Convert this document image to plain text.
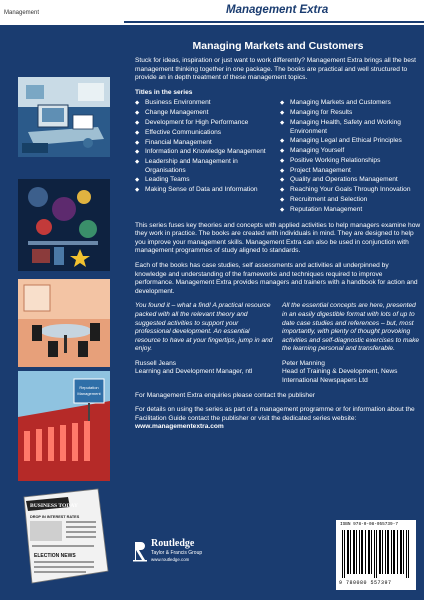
Management	Management Extra
Reputation
Management
BUSINESS TODAY
DROP IN INTEREST RATES
ELECTION NEWS
Managing Markets and Customers

Stuck for ideas, inspiration or just want to work differently? Management Extra brings all the best management thinking together in one package. The books are practical and well structured to provide an in depth treatment of these management topics.

Titles in the series
◆ Business Environment
◆ Change Management
◆ Development for High Performance
◆ Effective Communications
◆ Financial Management
◆ Information and Knowledge Management
◆ Leadership and Management in Organisations
◆ Leading Teams
◆ Making Sense of Data and Information
◆ Managing Markets and Customers
◆ Managing for Results
◆ Managing Health, Safety and Working Environment
◆ Managing Legal and Ethical Principles
◆ Managing Yourself
◆ Positive Working Relationships
◆ Project Management
◆ Quality and Operations Management
◆ Reaching Your Goals Through Innovation
◆ Recruitment and Selection
◆ Reputation Management

This series fuses key theories and concepts with applied activities to help managers examine how they work in practice. The books are created with individuals in mind. They are designed to help you improve your management skills. Management Extra can also be used in conjunction with management programmes of study aligned to standards.

Each of the books has case studies, self assessments and activities all underpinned by knowledge and understanding of the frameworks and techniques required to improve performance. Management Extra provides managers and trainers with a handbook for action and development.

You found it – what a find! A practical resource packed with all the relevant theory and suggested activities to support your professional development. An essential resource to have at your fingertips, jump in and enjoy.
Russell Jeans
Learning and Development Manager, ntl
All the essential concepts are here, presented in an easily digestible format with lots of up to date case studies and references – but, most importantly, with plenty of thought provoking activities and self-diagnostic exercises to make the learning personal and transferable.
Peter Manning
Head of Training & Development, News International Newspapers Ltd

For Management Extra enquiries please contact the publisher

For details on using the series as part of a management programme or for information about the Facilitation Guide contact the publisher or visit the dedicated series website: www.managementextra.com

Routledge
Taylor & Francis Group
www.routledge.com
ISBN 978-0-08-055739-7
9 780080 557397
